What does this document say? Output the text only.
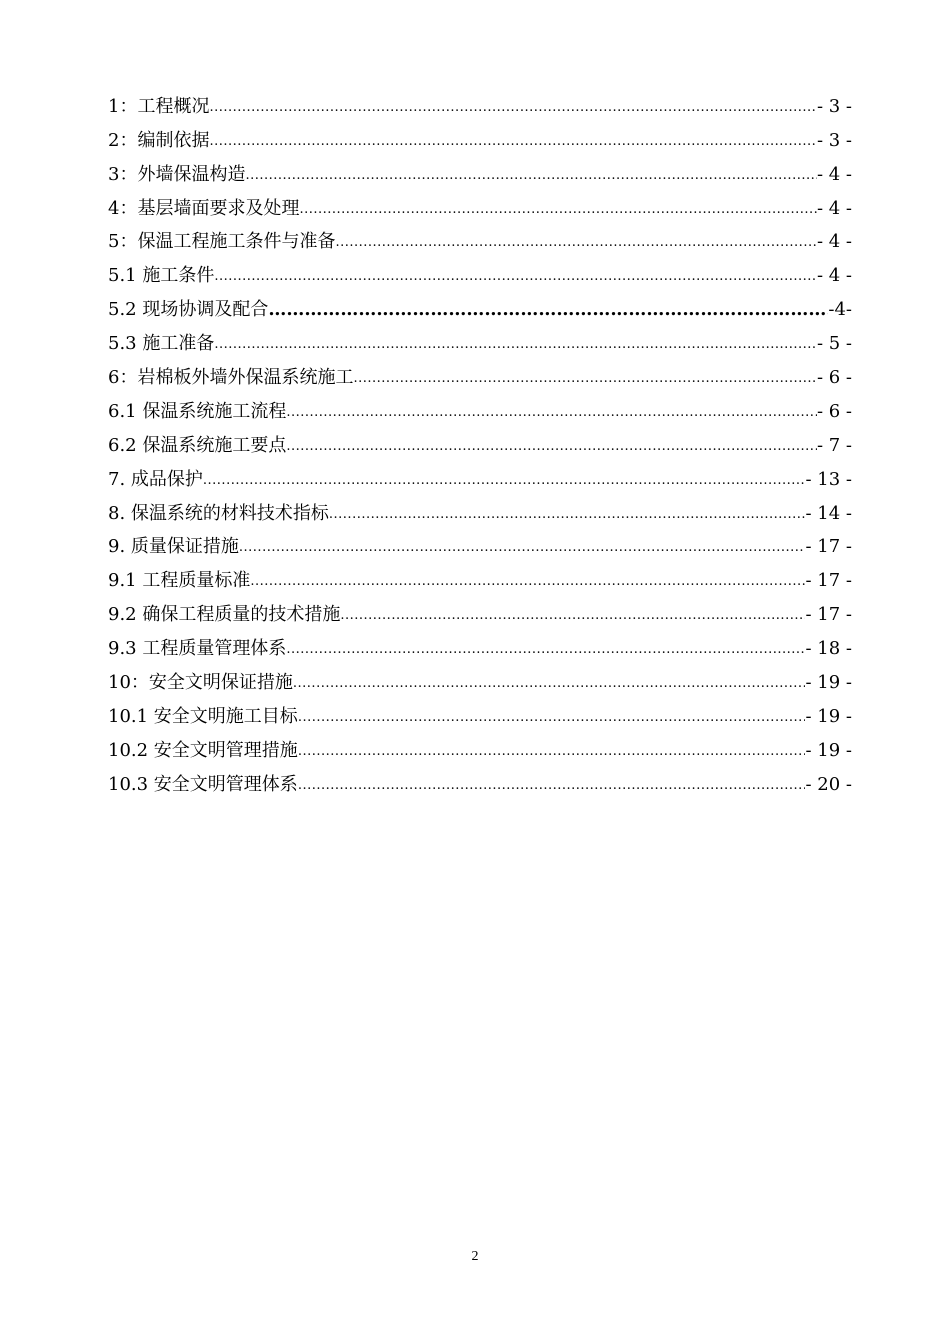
1：工程概况 .....	- 3 -
2：编制依据 .....	- 3 -
3：外墙保温构造 .....	- 4 -
4：基层墙面要求及处理 .....	- 4 -
5：保温工程施工条件与准备 .....	- 4 -
5.1 施工条件 .....	- 4 -
5.2 现场协调及配合 ………………………………………………………………………………………………………………	-4-
5.3 施工准备 .....	- 5 -
6：岩棉板外墙外保温系统施工 .....	- 6 -
6.1 保温系统施工流程 .....	- 6 -
6.2 保温系统施工要点 .....	- 7 -
7. 成品保护 .....	- 13 -
8. 保温系统的材料技术指标 .....	- 14 -
9. 质量保证措施 .....	- 17 -
9.1 工程质量标准 .....	- 17 -
9.2 确保工程质量的技术措施 .....	- 17 -
9.3 工程质量管理体系 .....	- 18 -
10：安全文明保证措施 .....	- 19 -
10.1 安全文明施工目标 .....	- 19 -
10.2 安全文明管理措施 .....	- 19 -
10.3 安全文明管理体系 .....	- 20 -
2
